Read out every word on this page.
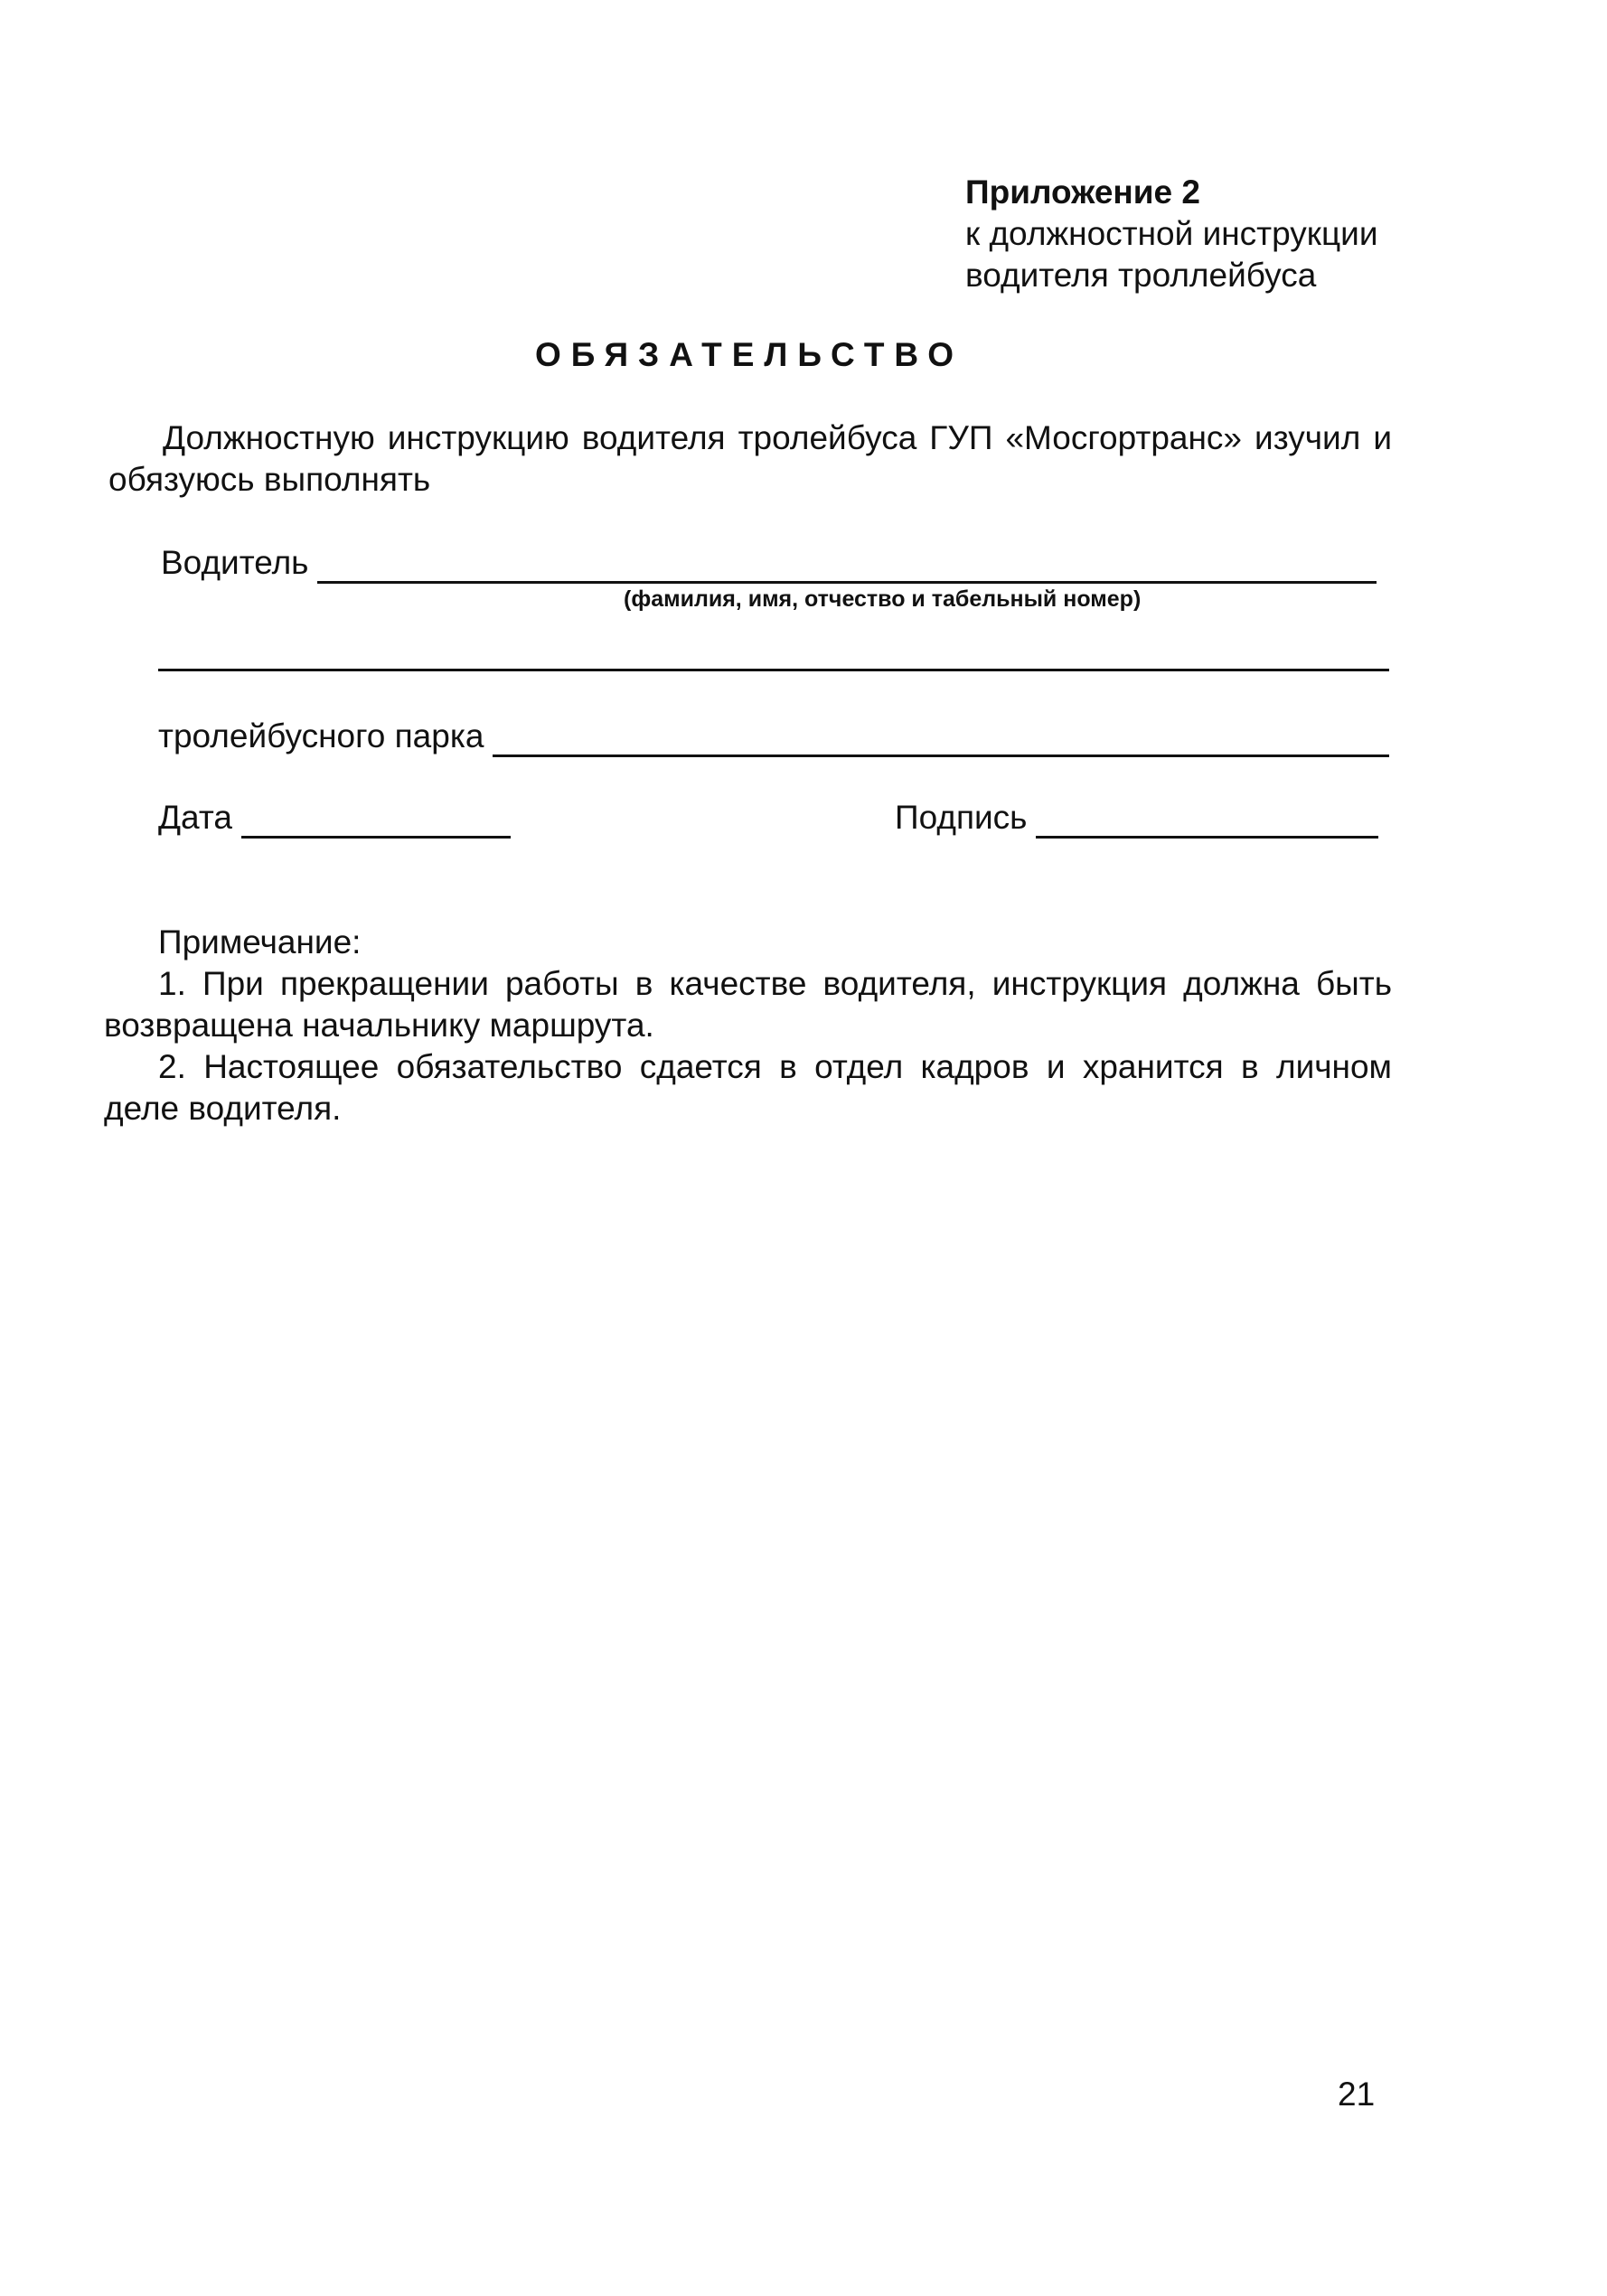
Приложение 2
к должностной инструкции
водителя троллейбуса
ОБЯЗАТЕЛЬСТВО
Должностную инструкцию водителя тролейбуса ГУП «Мосгортранс» изучил и обязуюсь выполнять
Водитель
(фамилия, имя, отчество и табельный номер)
тролейбусного парка
Дата	Подпись
Примечание:
1. При прекращении работы в качестве водителя, инструкция должна быть возвращена начальнику маршрута.
2. Настоящее обязательство сдается в отдел кадров и хранится в личном деле водителя.
21
